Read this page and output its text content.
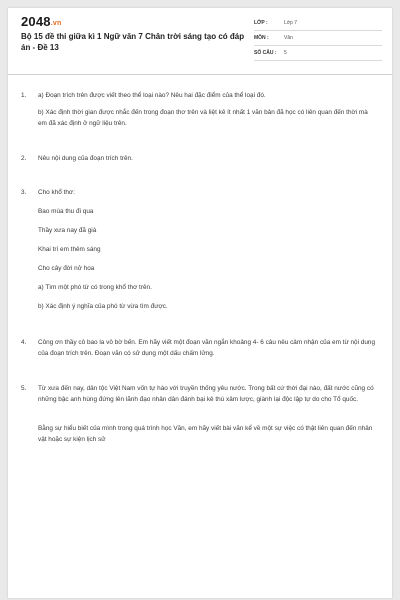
2048.vn
Bộ 15 đề thi giữa kì 1 Ngữ văn 7 Chân trời sáng tạo có đáp án - Đề 13
LỚP :	Lớp 7
MÔN :	Văn
SỐ CÂU : 5
1. a) Đoạn trích trên được viết theo thể loại nào? Nêu hai đặc điểm của thể loại đó.
b) Xác định thời gian được nhắc đến trong đoạn thơ trên và liệt kê ít nhất 1 văn bản đã học có liên quan đến thời mà em đã xác định ở ngữ liệu trên.
2. Nêu nội dung của đoạn trích trên.
3. Cho khổ thơ:
Bao mùa thu đi qua
Thầy xưa nay đã già
Khai trí em thêm sáng
Cho cây đời nở hoa
a) Tìm một phó từ có trong khổ thơ trên.
b) Xác định ý nghĩa của phó từ vừa tìm được.
4. Công ơn thầy cô bao la vô bờ bến. Em hãy viết một đoạn văn ngắn khoảng 4- 6 câu nêu cảm nhận của em từ nội dung của đoạn trích trên. Đoạn văn có sử dụng một dấu chấm lửng.
5. Từ xưa đến nay, dân tộc Việt Nam vốn tự hào với truyền thống yêu nước. Trong bất cứ thời đại nào, đất nước cũng có những bậc anh hùng đứng lên lãnh đạo nhân dân đánh bại kẻ thù xâm lược, giành lại độc lập tự do cho Tổ quốc.
Bằng sự hiểu biết của mình trong quá trình học Văn, em hãy viết bài văn kể về một sự việc có thật liên quan đến nhân vật hoặc sự kiện lịch sử
